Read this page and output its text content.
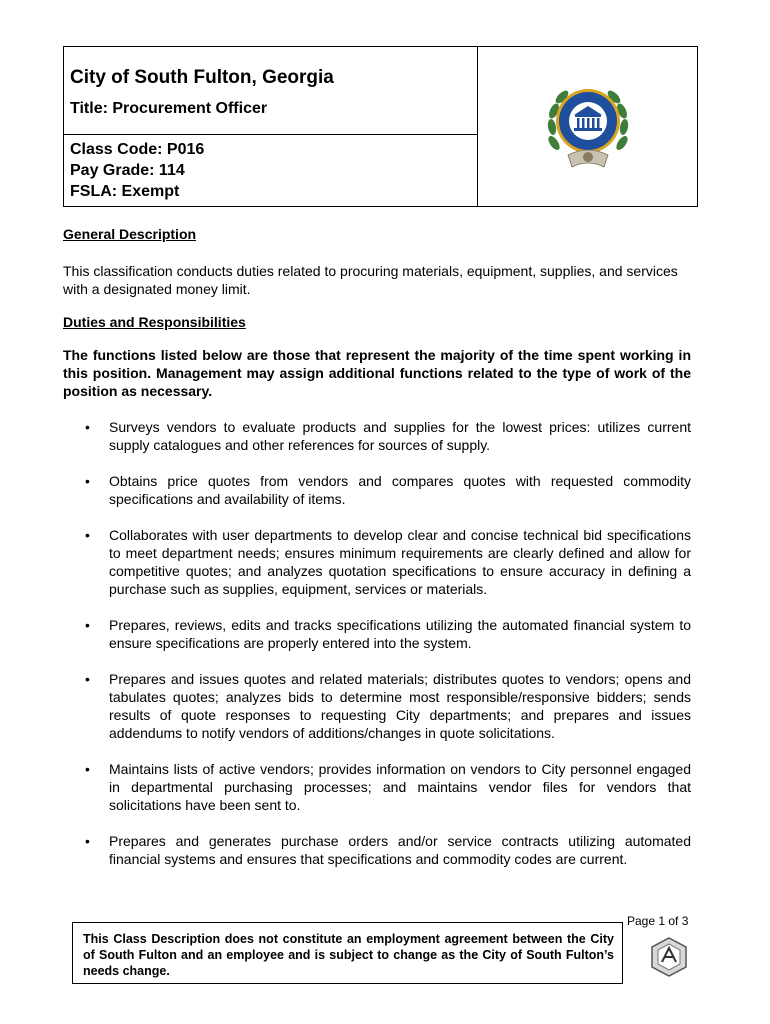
City of South Fulton, Georgia
Title: Procurement Officer
Class Code: P016
Pay Grade: 114
FSLA: Exempt
General Description
This classification conducts duties related to procuring materials, equipment, supplies, and services with a designated money limit.
Duties and Responsibilities
The functions listed below are those that represent the majority of the time spent working in this position. Management may assign additional functions related to the type of work of the position as necessary.
• Surveys vendors to evaluate products and supplies for the lowest prices: utilizes current supply catalogues and other references for sources of supply.
• Obtains price quotes from vendors and compares quotes with requested commodity specifications and availability of items.
• Collaborates with user departments to develop clear and concise technical bid specifications to meet department needs; ensures minimum requirements are clearly defined and allow for competitive quotes; and analyzes quotation specifications to ensure accuracy in defining a purchase such as supplies, equipment, services or materials.
• Prepares, reviews, edits and tracks specifications utilizing the automated financial system to ensure specifications are properly entered into the system.
• Prepares and issues quotes and related materials; distributes quotes to vendors; opens and tabulates quotes; analyzes bids to determine most responsible/responsive bidders; sends results of quote responses to requesting City departments; and prepares and issues addendums to notify vendors of additions/changes in quote solicitations.
• Maintains lists of active vendors; provides information on vendors to City personnel engaged in departmental purchasing processes; and maintains vendor files for vendors that solicitations have been sent to.
• Prepares and generates purchase orders and/or service contracts utilizing automated financial systems and ensures that specifications and commodity codes are current.
Page 1 of 3
This Class Description does not constitute an employment agreement between the City of South Fulton and an employee and is subject to change as the City of South Fulton’s needs change.
